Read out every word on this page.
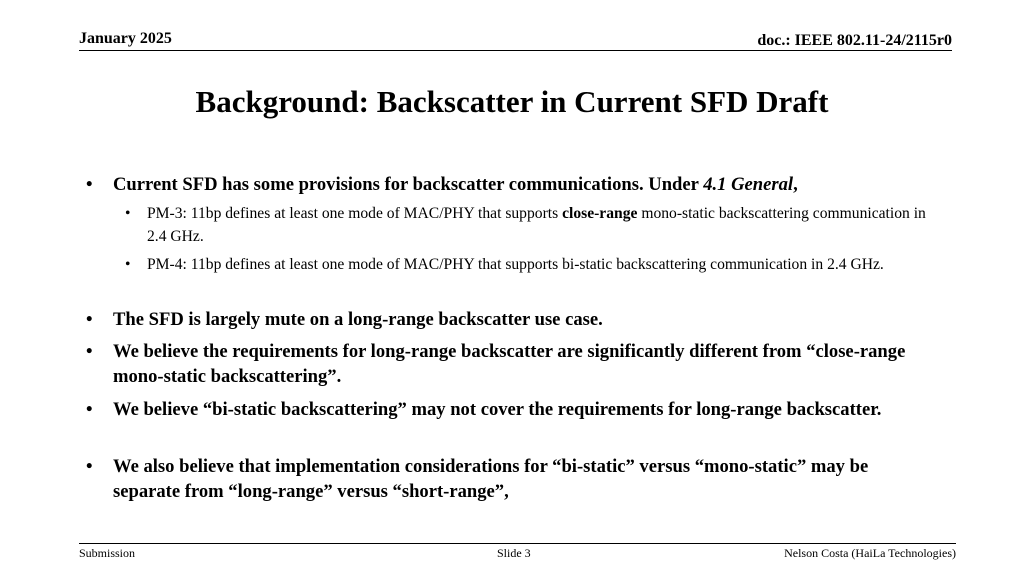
January 2025	doc.: IEEE 802.11-24/2115r0
Background: Backscatter in Current SFD Draft
• Current SFD has some provisions for backscatter communications. Under 4.1 General,
• PM-3: 11bp defines at least one mode of MAC/PHY that supports close-range mono-static backscattering communication in 2.4 GHz.
• PM-4: 11bp defines at least one mode of MAC/PHY that supports bi-static backscattering communication in 2.4 GHz.
• The SFD is largely mute on a long-range backscatter use case.
• We believe the requirements for long-range backscatter are significantly different from “close-range mono-static backscattering”.
• We believe “bi-static backscattering” may not cover the requirements for long-range backscatter.
• We also believe that implementation considerations for “bi-static” versus “mono-static” may be separate from “long-range” versus “short-range”,
Submission	Slide 3	Nelson Costa (HaiLa Technologies)
